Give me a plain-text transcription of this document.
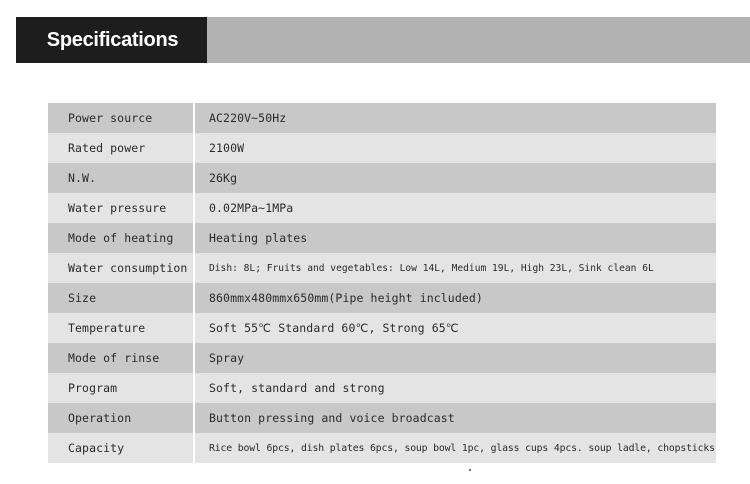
Specifications
Power source	AC220V~50Hz
Rated power	2100W
N.W.	26Kg
Water pressure	0.02MPa~1MPa
Mode of heating	Heating plates
Water consumption	Dish: 8L; Fruits and vegetables: Low 14L, Medium 19L, High 23L, Sink clean 6L
Size	860mmx480mmx650mm(Pipe height included)
Temperature	Soft 55℃ Standard 60℃, Strong 65℃
Mode of rinse	Spray
Program	Soft, standard and strong
Operation	Button pressing and voice broadcast
Capacity	Rice bowl 6pcs, dish plates 6pcs, soup bowl 1pc, glass cups 4pcs. soup ladle, chopsticks
